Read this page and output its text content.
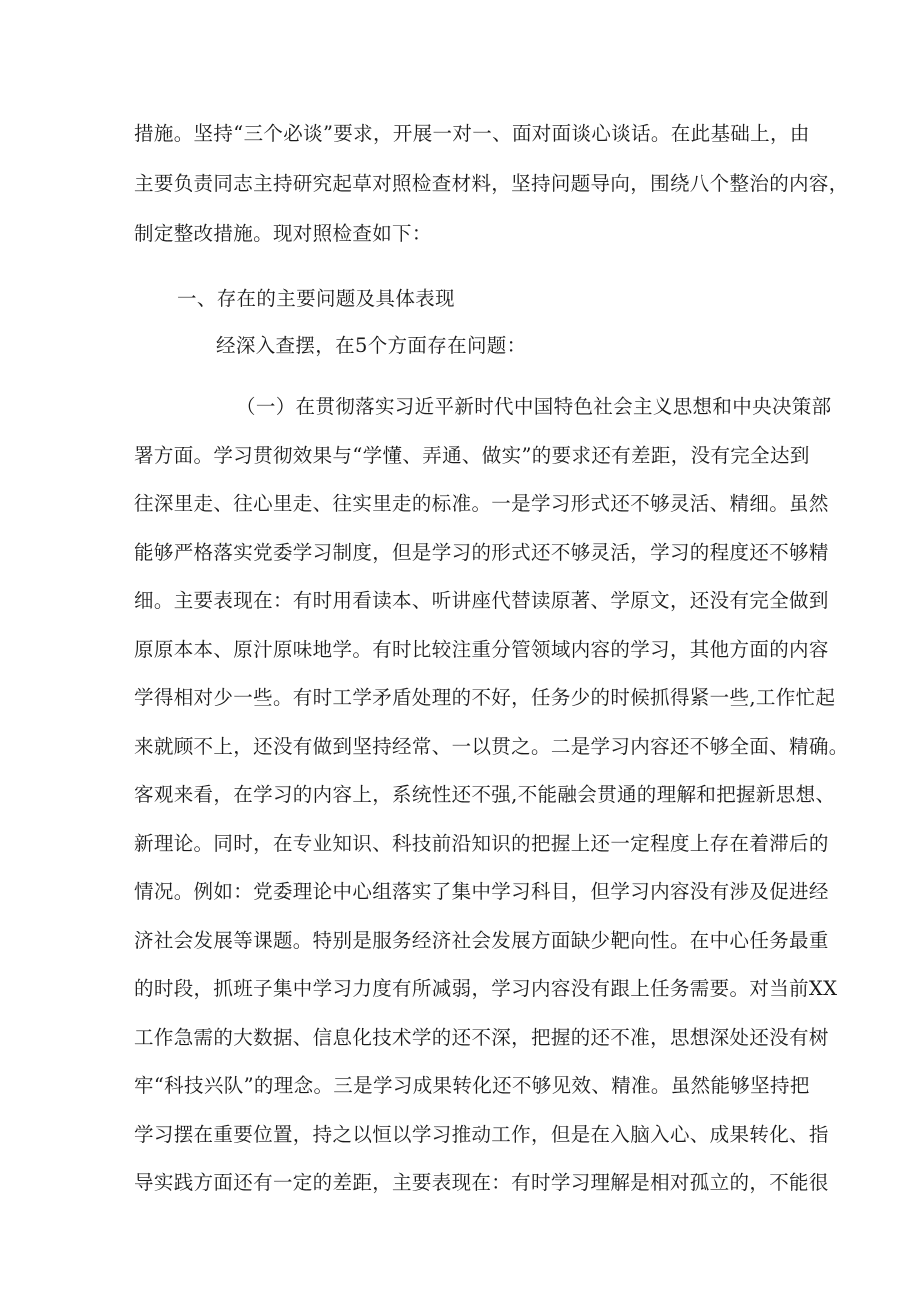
措施。坚持“三个必谈”要求，开展一对一、面对面谈心谈话。在此基础上，由
主要负责同志主持研究起草对照检查材料，坚持问题导向，围绕八个整治的内容，
制定整改措施。现对照检查如下：
一、存在的主要问题及具体表现
经深入查摆，在5个方面存在问题：
（一）在贯彻落实习近平新时代中国特色社会主义思想和中央决策部
署方面。学习贯彻效果与“学懂、弄通、做实”的要求还有差距，没有完全达到
往深里走、往心里走、往实里走的标准。一是学习形式还不够灵活、精细。虽然
能够严格落实党委学习制度，但是学习的形式还不够灵活，学习的程度还不够精
细。主要表现在：有时用看读本、听讲座代替读原著、学原文，还没有完全做到
原原本本、原汁原味地学。有时比较注重分管领域内容的学习，其他方面的内容
学得相对少一些。有时工学矛盾处理的不好，任务少的时候抓得紧一些,工作忙起
来就顾不上，还没有做到坚持经常、一以贯之。二是学习内容还不够全面、精确。
客观来看，在学习的内容上，系统性还不强,不能融会贯通的理解和把握新思想、
新理论。同时，在专业知识、科技前沿知识的把握上还一定程度上存在着滞后的
情况。例如：党委理论中心组落实了集中学习科目，但学习内容没有涉及促进经
济社会发展等课题。特别是服务经济社会发展方面缺少靶向性。在中心任务最重
的时段，抓班子集中学习力度有所减弱，学习内容没有跟上任务需要。对当前XX
工作急需的大数据、信息化技术学的还不深，把握的还不准，思想深处还没有树
牢“科技兴队”的理念。三是学习成果转化还不够见效、精准。虽然能够坚持把
学习摆在重要位置，持之以恒以学习推动工作，但是在入脑入心、成果转化、指
导实践方面还有一定的差距，主要表现在：有时学习理解是相对孤立的，不能很
